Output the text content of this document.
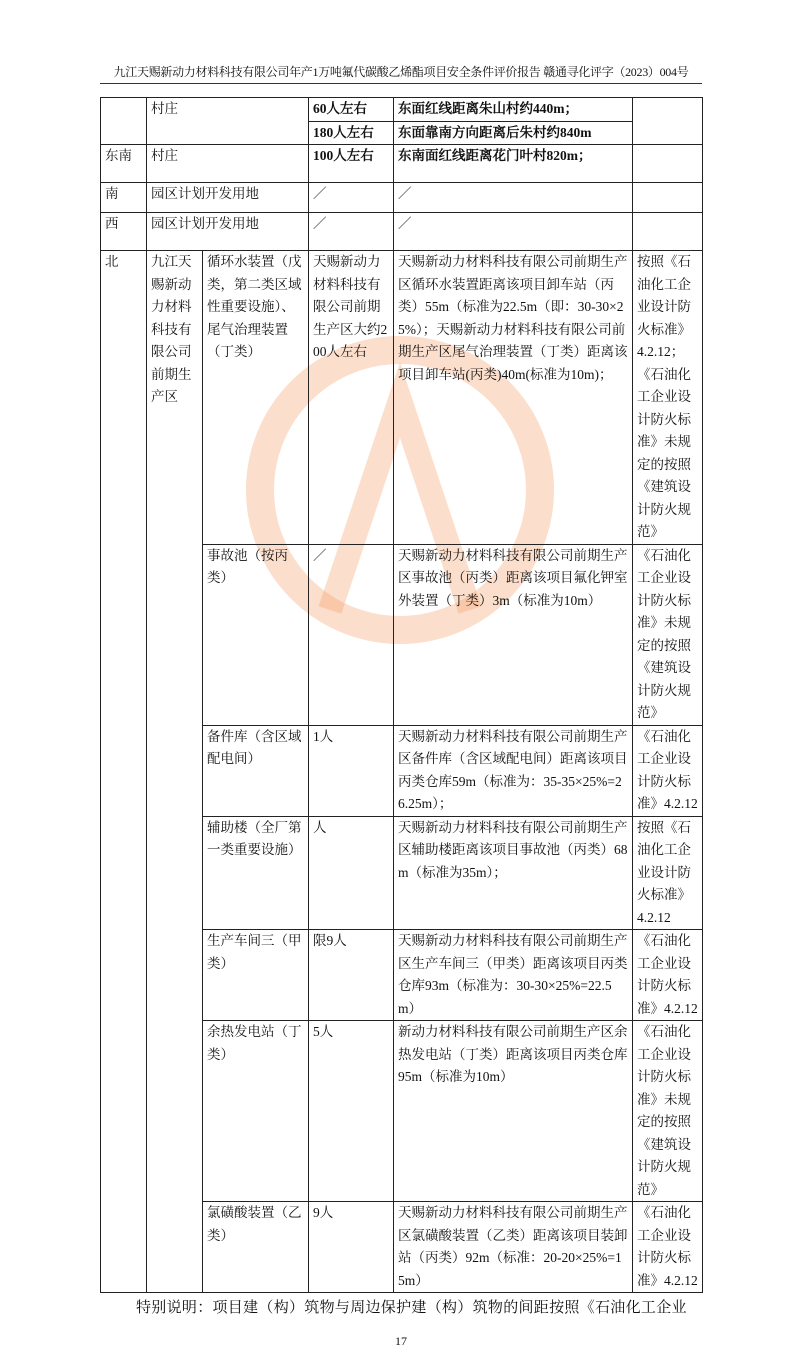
九江天赐新动力材料科技有限公司年产1万吨氟代碳酸乙烯酯项目安全条件评价报告 赣通寻化评字（2023）004号
	村庄		60人左右	东面红线距离朱山村约440m；	
			180人左右	东面靠南方向距离后朱村约840m	
东南	村庄		100人左右	东南面红线距离花门叶村820m；	
南	园区计划开发用地		／	／	
西	园区计划开发用地		／	／	
北	九江天赐新动力材料科技有限公司前期生产区	循环水装置（戊类，第二类区域性重要设施）、尾气治理装置（丁类）	天赐新动力材料科技有限公司前期生产区大约200人左右	天赐新动力材料科技有限公司前期生产区循环水装置距离该项目卸车站（丙类）55m（标准为22.5m（即：30-30×25%）；天赐新动力材料科技有限公司前期生产区尾气治理装置（丁类）距离该项目卸车站(丙类)40m(标准为10m)；	按照《石油化工企业设计防火标准》4.2.12；《石油化工企业设计防火标准》未规定的按照《建筑设计防火规范》
		事故池（按丙类）	／	天赐新动力材料科技有限公司前期生产区事故池（丙类）距离该项目氟化钾室外装置（丁类）3m（标准为10m）	《石油化工企业设计防火标准》未规定的按照《建筑设计防火规范》
		备件库（含区域配电间）	1人	天赐新动力材料科技有限公司前期生产区备件库（含区域配电间）距离该项目丙类仓库59m（标准为：35-35×25%=26.25m）；	《石油化工企业设计防火标准》4.2.12
		辅助楼（全厂第一类重要设施）	人	天赐新动力材料科技有限公司前期生产区辅助楼距离该项目事故池（丙类）68m（标准为35m）；	按照《石油化工企业设计防火标准》4.2.12
		生产车间三（甲类）	限9人	天赐新动力材料科技有限公司前期生产区生产车间三（甲类）距离该项目丙类仓库93m（标准为：30-30×25%=22.5m）	《石油化工企业设计防火标准》4.2.12
		余热发电站（丁类）	5人	新动力材料科技有限公司前期生产区余热发电站（丁类）距离该项目丙类仓库95m（标准为10m）	《石油化工企业设计防火标准》未规定的按照《建筑设计防火规范》
		氯磺酸装置（乙类）	9人	天赐新动力材料科技有限公司前期生产区氯磺酸装置（乙类）距离该项目装卸站（丙类）92m（标准：20-20×25%=15m）	《石油化工企业设计防火标准》4.2.12
特别说明：项目建（构）筑物与周边保护建（构）筑物的间距按照《石油化工企业
17
